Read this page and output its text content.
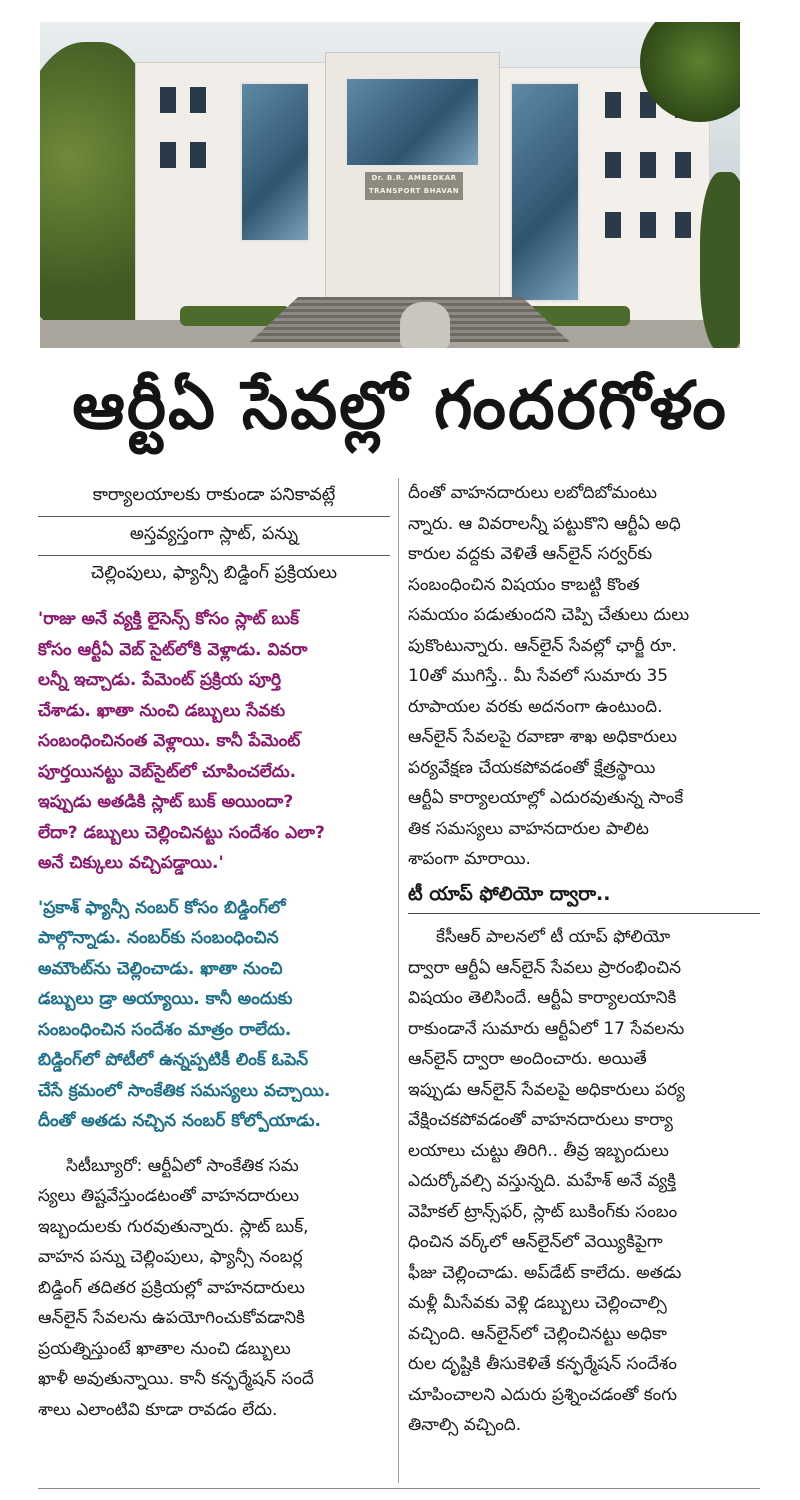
Dr. B.R. AMBEDKAR
TRANSPORT BHAVAN
ఆర్టీఏ సేవల్లో గందరగోళం

కార్యాలయాలకు రాకుండా పనికావట్లే

అస్తవ్యస్తంగా స్లాట్, పన్ను

చెల్లింపులు, ఫ్యాన్సీ బిడ్డింగ్ ప్రక్రియలు

'రాజు అనే వ్యక్తి లైసెన్స్ కోసం స్లాట్ బుక్

కోసం ఆర్టీఏ వెబ్ సైట్‌లోకి వెళ్లాడు. వివరా

లన్నీ ఇచ్చాడు. పేమెంట్ ప్రక్రియ పూర్తి

చేశాడు. ఖాతా నుంచి డబ్బులు సేవకు

సంబంధించినంత వెళ్లాయి. కానీ పేమెంట్

పూర్తయినట్టు వెబ్‌సైట్‌లో చూపించలేదు.

ఇప్పుడు అతడికి స్లాట్ బుక్ అయిందా?

లేదా? డబ్బులు చెల్లించినట్టు సందేశం ఎలా?

అనే చిక్కులు వచ్చిపడ్డాయి.'

'ప్రకాశ్ ఫ్యాన్సీ నంబర్ కోసం బిడ్డింగ్‌లో

పాల్గొన్నాడు. నంబర్‌కు సంబంధించిన

అమౌంట్‌ను చెల్లించాడు. ఖాతా నుంచి

డబ్బులు డ్రా అయ్యాయి. కానీ అందుకు

సంబంధించిన సందేశం మాత్రం రాలేదు.

బిడ్డింగ్‌లో పోటీలో ఉన్నప్పటికీ లింక్ ఓపెన్

చేసే క్రమంలో సాంకేతిక సమస్యలు వచ్చాయి.

దీంతో అతడు నచ్చిన నంబర్ కోల్పోయాడు.

సిటీబ్యూరో: ఆర్టీఏలో సాంకేతిక సమ

స్యలు తిష్టవేస్తుండటంతో వాహనదారులు

ఇబ్బందులకు గురవుతున్నారు. స్లాట్ బుక్,

వాహన పన్ను చెల్లింపులు, ఫ్యాన్సీ నంబర్ల

బిడ్డింగ్ తదితర ప్రక్రియల్లో వాహనదారులు

ఆన్‌లైన్ సేవలను ఉపయోగించుకోవడానికి

ప్రయత్నిస్తుంటే ఖాతాల నుంచి డబ్బులు

ఖాళీ అవుతున్నాయి. కానీ కన్ఫర్మేషన్ సందే

శాలు ఎలాంటివి కూడా రావడం లేదు.

దీంతో వాహనదారులు లబోదిబోమంటు

న్నారు. ఆ వివరాలన్నీ పట్టుకొని ఆర్టీఏ అధి

కారుల వద్దకు వెళితే ఆన్‌లైన్ సర్వర్‌కు

సంబంధించిన విషయం కాబట్టి కొంత

సమయం పడుతుందని చెప్పి చేతులు దులు

పుకొంటున్నారు. ఆన్‌లైన్ సేవల్లో ఛార్జీ రూ.

10తో ముగిస్తే.. మీ సేవలో సుమారు 35

రూపాయల వరకు అదనంగా ఉంటుంది.

ఆన్‌లైన్ సేవలపై రవాణా శాఖ అధికారులు

పర్యవేక్షణ చేయకపోవడంతో క్షేత్రస్థాయి

ఆర్టీఏ కార్యాలయాల్లో ఎదురవుతున్న సాంకే

తిక సమస్యలు వాహనదారుల పాలిట

శాపంగా మారాయి.

టీ యాప్ ఫోలియో ద్వారా..

కేసీఆర్ పాలనలో టీ యాప్ ఫోలియో

ద్వారా ఆర్టీఏ ఆన్‌లైన్ సేవలు ప్రారంభించిన

విషయం తెలిసిందే. ఆర్టీఏ కార్యాలయానికి

రాకుండానే సుమారు ఆర్టీఏలో 17 సేవలను

ఆన్‌లైన్ ద్వారా అందించారు. అయితే

ఇప్పుడు ఆన్‌లైన్ సేవలపై అధికారులు పర్య

వేక్షించకపోవడంతో వాహనదారులు కార్యా

లయాలు చుట్టు తిరిగి.. తీవ్ర ఇబ్బందులు

ఎదుర్కోవల్సి వస్తున్నది. మహేశ్ అనే వ్యక్తి

వెహికల్ ట్రాన్స్‌ఫర్, స్లాట్ బుకింగ్‌కు సంబం

ధించిన వర్క్‌లో ఆన్‌లైన్‌లో వెయ్యికిపైగా

ఫీజు చెల్లించాడు. అప్‌డేట్ కాలేదు. అతడు

మళ్లీ మీసేవకు వెళ్లి డబ్బులు చెల్లించాల్సి

వచ్చింది. ఆన్‌లైన్‌లో చెల్లించినట్టు అధికా

రుల దృష్టికి తీసుకెళితే కన్ఫర్మేషన్ సందేశం

చూపించాలని ఎదురు ప్రశ్నించడంతో కంగు

తినాల్సి వచ్చింది.
